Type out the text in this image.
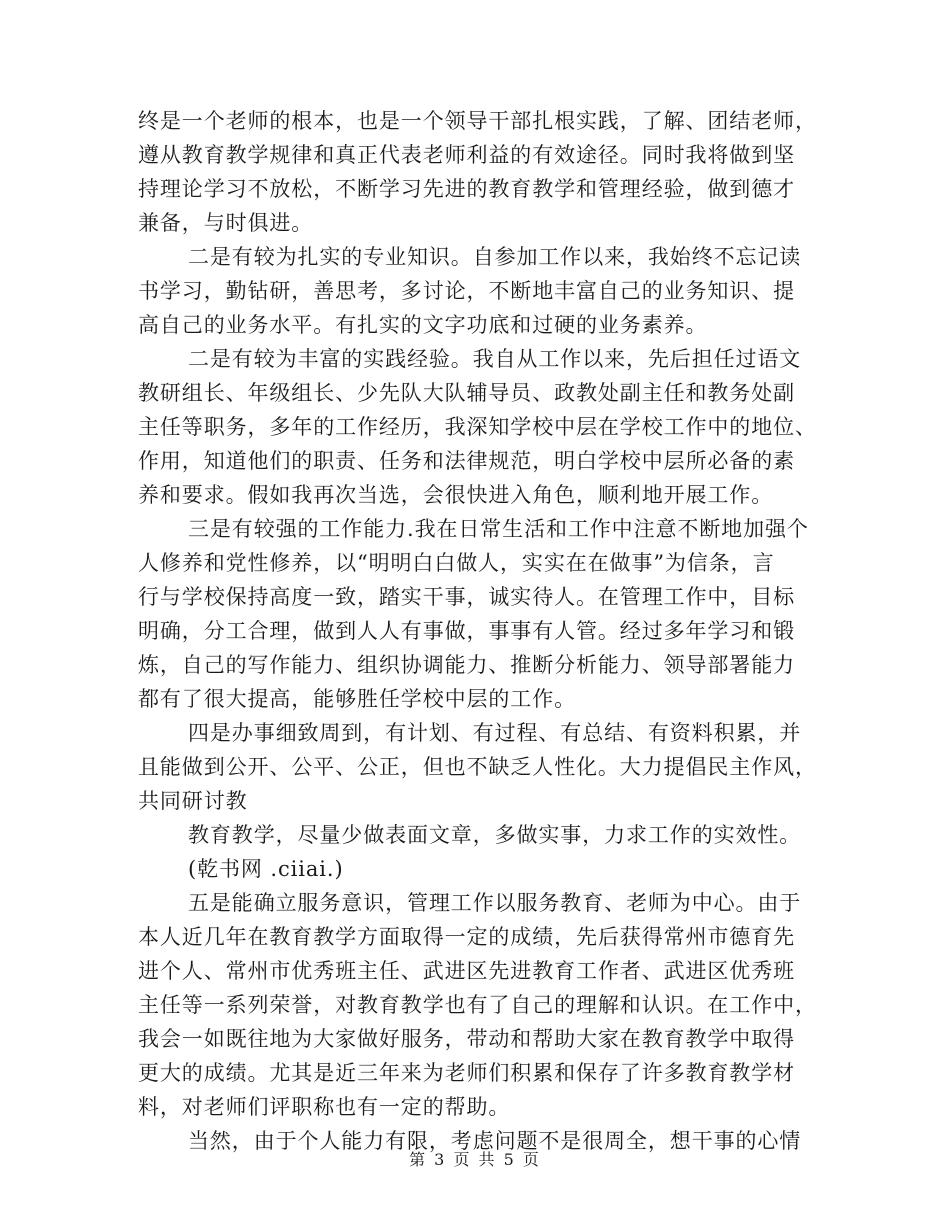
终是一个老师的根本，也是一个领导干部扎根实践，了解、团结老师，
遵从教育教学规律和真正代表老师利益的有效途径。同时我将做到坚
持理论学习不放松，不断学习先进的教育教学和管理经验，做到德才
兼备，与时俱进。
二是有较为扎实的专业知识。自参加工作以来，我始终不忘记读
书学习，勤钻研，善思考，多讨论，不断地丰富自己的业务知识、提
高自己的业务水平。有扎实的文字功底和过硬的业务素养。
二是有较为丰富的实践经验。我自从工作以来，先后担任过语文
教研组长、年级组长、少先队大队辅导员、政教处副主任和教务处副
主任等职务，多年的工作经历，我深知学校中层在学校工作中的地位、
作用，知道他们的职责、任务和法律规范，明白学校中层所必备的素
养和要求。假如我再次当选，会很快进入角色，顺利地开展工作。
三是有较强的工作能力.我在日常生活和工作中注意不断地加强个
人修养和党性修养，以“明明白白做人，实实在在做事”为信条，言
行与学校保持高度一致，踏实干事，诚实待人。在管理工作中，目标
明确，分工合理，做到人人有事做，事事有人管。经过多年学习和锻
炼，自己的写作能力、组织协调能力、推断分析能力、领导部署能力
都有了很大提高，能够胜任学校中层的工作。
四是办事细致周到，有计划、有过程、有总结、有资料积累，并
且能做到公开、公平、公正，但也不缺乏人性化。大力提倡民主作风，
共同研讨教
教育教学，尽量少做表面文章，多做实事，力求工作的实效性。
(乾书网 .ciiai.)
五是能确立服务意识，管理工作以服务教育、老师为中心。由于
本人近几年在教育教学方面取得一定的成绩，先后获得常州市德育先
进个人、常州市优秀班主任、武进区先进教育工作者、武进区优秀班
主任等一系列荣誉，对教育教学也有了自己的理解和认识。在工作中，
我会一如既往地为大家做好服务，带动和帮助大家在教育教学中取得
更大的成绩。尤其是近三年来为老师们积累和保存了许多教育教学材
料，对老师们评职称也有一定的帮助。
当然，由于个人能力有限，考虑问题不是很周全，想干事的心情
第 3 页 共 5 页
